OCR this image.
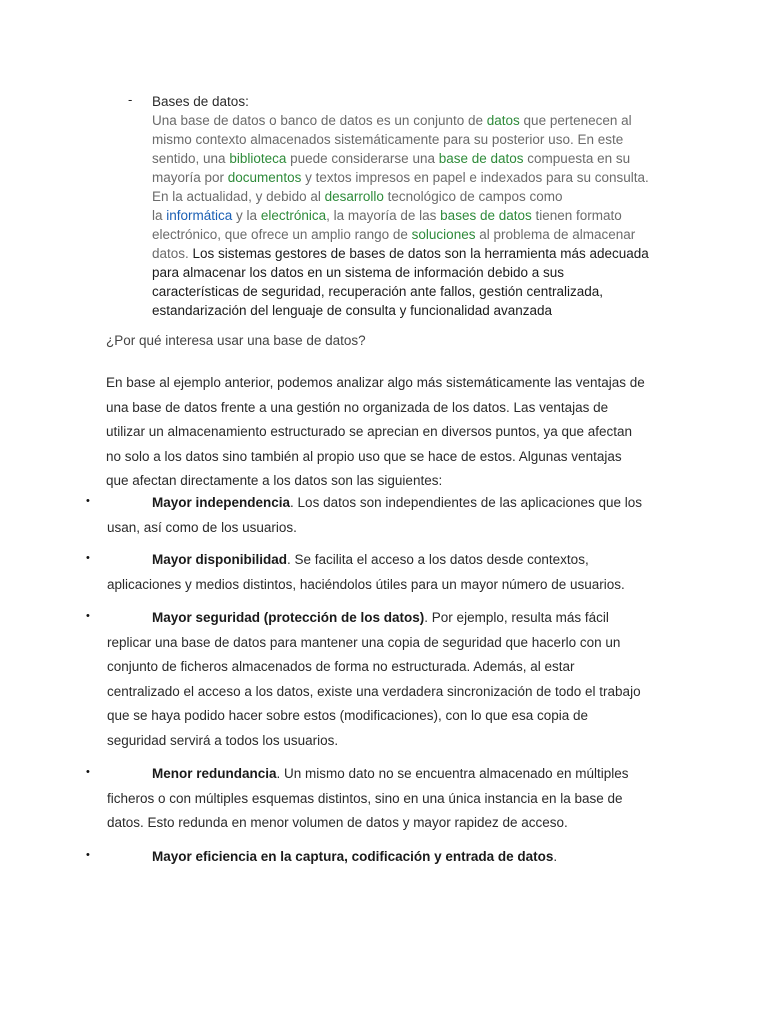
- Bases de datos:
Una base de datos o banco de datos es un conjunto de datos que pertenecen al
mismo contexto almacenados sistemáticamente para su posterior uso. En este
sentido, una biblioteca puede considerarse una base de datos compuesta en su
mayoría por documentos y textos impresos en papel e indexados para su consulta.
En la actualidad, y debido al desarrollo tecnológico de campos como
la informática y la electrónica, la mayoría de las bases de datos tienen formato
electrónico, que ofrece un amplio rango de soluciones al problema de almacenar
datos. Los sistemas gestores de bases de datos son la herramienta más adecuada
para almacenar los datos en un sistema de información debido a sus
características de seguridad, recuperación ante fallos, gestión centralizada,
estandarización del lenguaje de consulta y funcionalidad avanzada
¿Por qué interesa usar una base de datos?
En base al ejemplo anterior, podemos analizar algo más sistemáticamente las ventajas de
una base de datos frente a una gestión no organizada de los datos. Las ventajas de
utilizar un almacenamiento estructurado se aprecian en diversos puntos, ya que afectan
no solo a los datos sino también al propio uso que se hace de estos. Algunas ventajas
que afectan directamente a los datos son las siguientes:
•	Mayor independencia. Los datos son independientes de las aplicaciones que los
usan, así como de los usuarios.
•	Mayor disponibilidad. Se facilita el acceso a los datos desde contextos,
aplicaciones y medios distintos, haciéndolos útiles para un mayor número de usuarios.
•	Mayor seguridad (protección de los datos). Por ejemplo, resulta más fácil
replicar una base de datos para mantener una copia de seguridad que hacerlo con un
conjunto de ficheros almacenados de forma no estructurada. Además, al estar
centralizado el acceso a los datos, existe una verdadera sincronización de todo el trabajo
que se haya podido hacer sobre estos (modificaciones), con lo que esa copia de
seguridad servirá a todos los usuarios.
•	Menor redundancia. Un mismo dato no se encuentra almacenado en múltiples
ficheros o con múltiples esquemas distintos, sino en una única instancia en la base de
datos. Esto redunda en menor volumen de datos y mayor rapidez de acceso.
•	Mayor eficiencia en la captura, codificación y entrada de datos.
